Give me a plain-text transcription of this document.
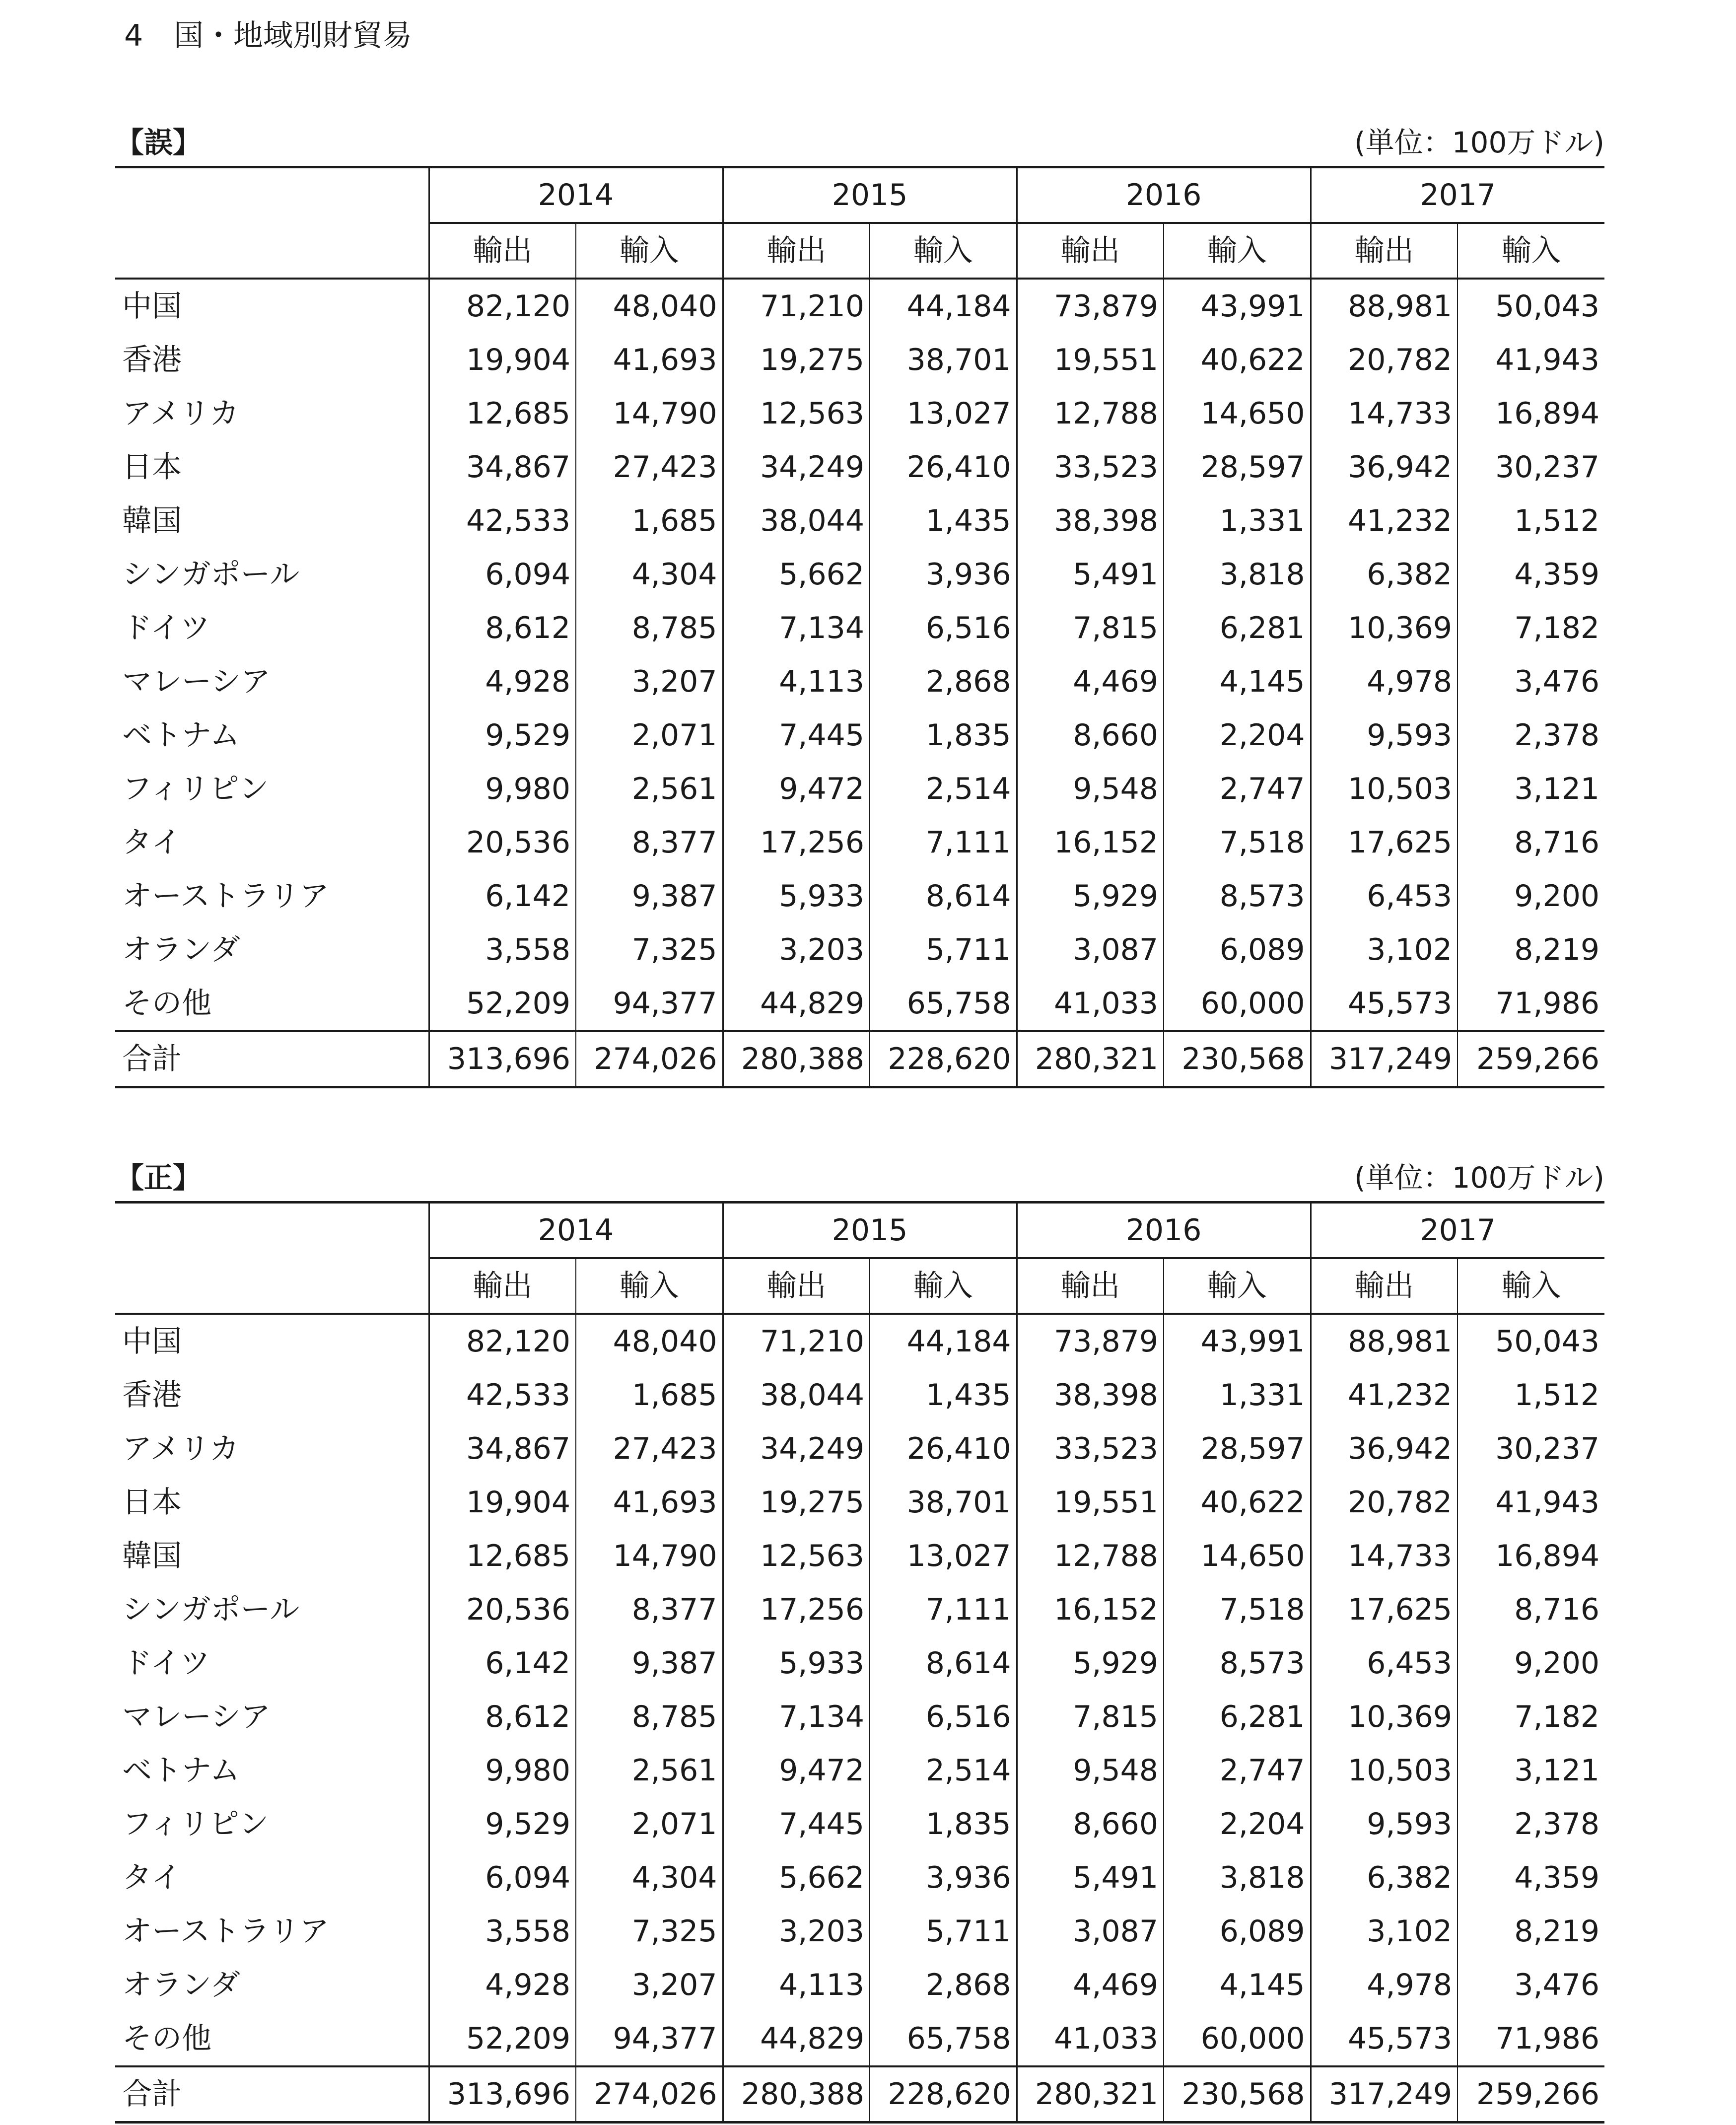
4 国・地域別財貿易
【誤】	(単位：100万ドル)
	2014		2015		2016		2017	
	輸出	輸入	輸出	輸入	輸出	輸入	輸出	輸入
中国	82,120	48,040	71,210	44,184	73,879	43,991	88,981	50,043
香港	19,904	41,693	19,275	38,701	19,551	40,622	20,782	41,943
アメリカ	12,685	14,790	12,563	13,027	12,788	14,650	14,733	16,894
日本	34,867	27,423	34,249	26,410	33,523	28,597	36,942	30,237
韓国	42,533	1,685	38,044	1,435	38,398	1,331	41,232	1,512
シンガポール	6,094	4,304	5,662	3,936	5,491	3,818	6,382	4,359
ドイツ	8,612	8,785	7,134	6,516	7,815	6,281	10,369	7,182
マレーシア	4,928	3,207	4,113	2,868	4,469	4,145	4,978	3,476
ベトナム	9,529	2,071	7,445	1,835	8,660	2,204	9,593	2,378
フィリピン	9,980	2,561	9,472	2,514	9,548	2,747	10,503	3,121
タイ	20,536	8,377	17,256	7,111	16,152	7,518	17,625	8,716
オーストラリア	6,142	9,387	5,933	8,614	5,929	8,573	6,453	9,200
オランダ	3,558	7,325	3,203	5,711	3,087	6,089	3,102	8,219
その他	52,209	94,377	44,829	65,758	41,033	60,000	45,573	71,986
合計	313,696	274,026	280,388	228,620	280,321	230,568	317,249	259,266
【正】	(単位：100万ドル)
	2014		2015		2016		2017	
	輸出	輸入	輸出	輸入	輸出	輸入	輸出	輸入
中国	82,120	48,040	71,210	44,184	73,879	43,991	88,981	50,043
香港	42,533	1,685	38,044	1,435	38,398	1,331	41,232	1,512
アメリカ	34,867	27,423	34,249	26,410	33,523	28,597	36,942	30,237
日本	19,904	41,693	19,275	38,701	19,551	40,622	20,782	41,943
韓国	12,685	14,790	12,563	13,027	12,788	14,650	14,733	16,894
シンガポール	20,536	8,377	17,256	7,111	16,152	7,518	17,625	8,716
ドイツ	6,142	9,387	5,933	8,614	5,929	8,573	6,453	9,200
マレーシア	8,612	8,785	7,134	6,516	7,815	6,281	10,369	7,182
ベトナム	9,980	2,561	9,472	2,514	9,548	2,747	10,503	3,121
フィリピン	9,529	2,071	7,445	1,835	8,660	2,204	9,593	2,378
タイ	6,094	4,304	5,662	3,936	5,491	3,818	6,382	4,359
オーストラリア	3,558	7,325	3,203	5,711	3,087	6,089	3,102	8,219
オランダ	4,928	3,207	4,113	2,868	4,469	4,145	4,978	3,476
その他	52,209	94,377	44,829	65,758	41,033	60,000	45,573	71,986
合計	313,696	274,026	280,388	228,620	280,321	230,568	317,249	259,266
